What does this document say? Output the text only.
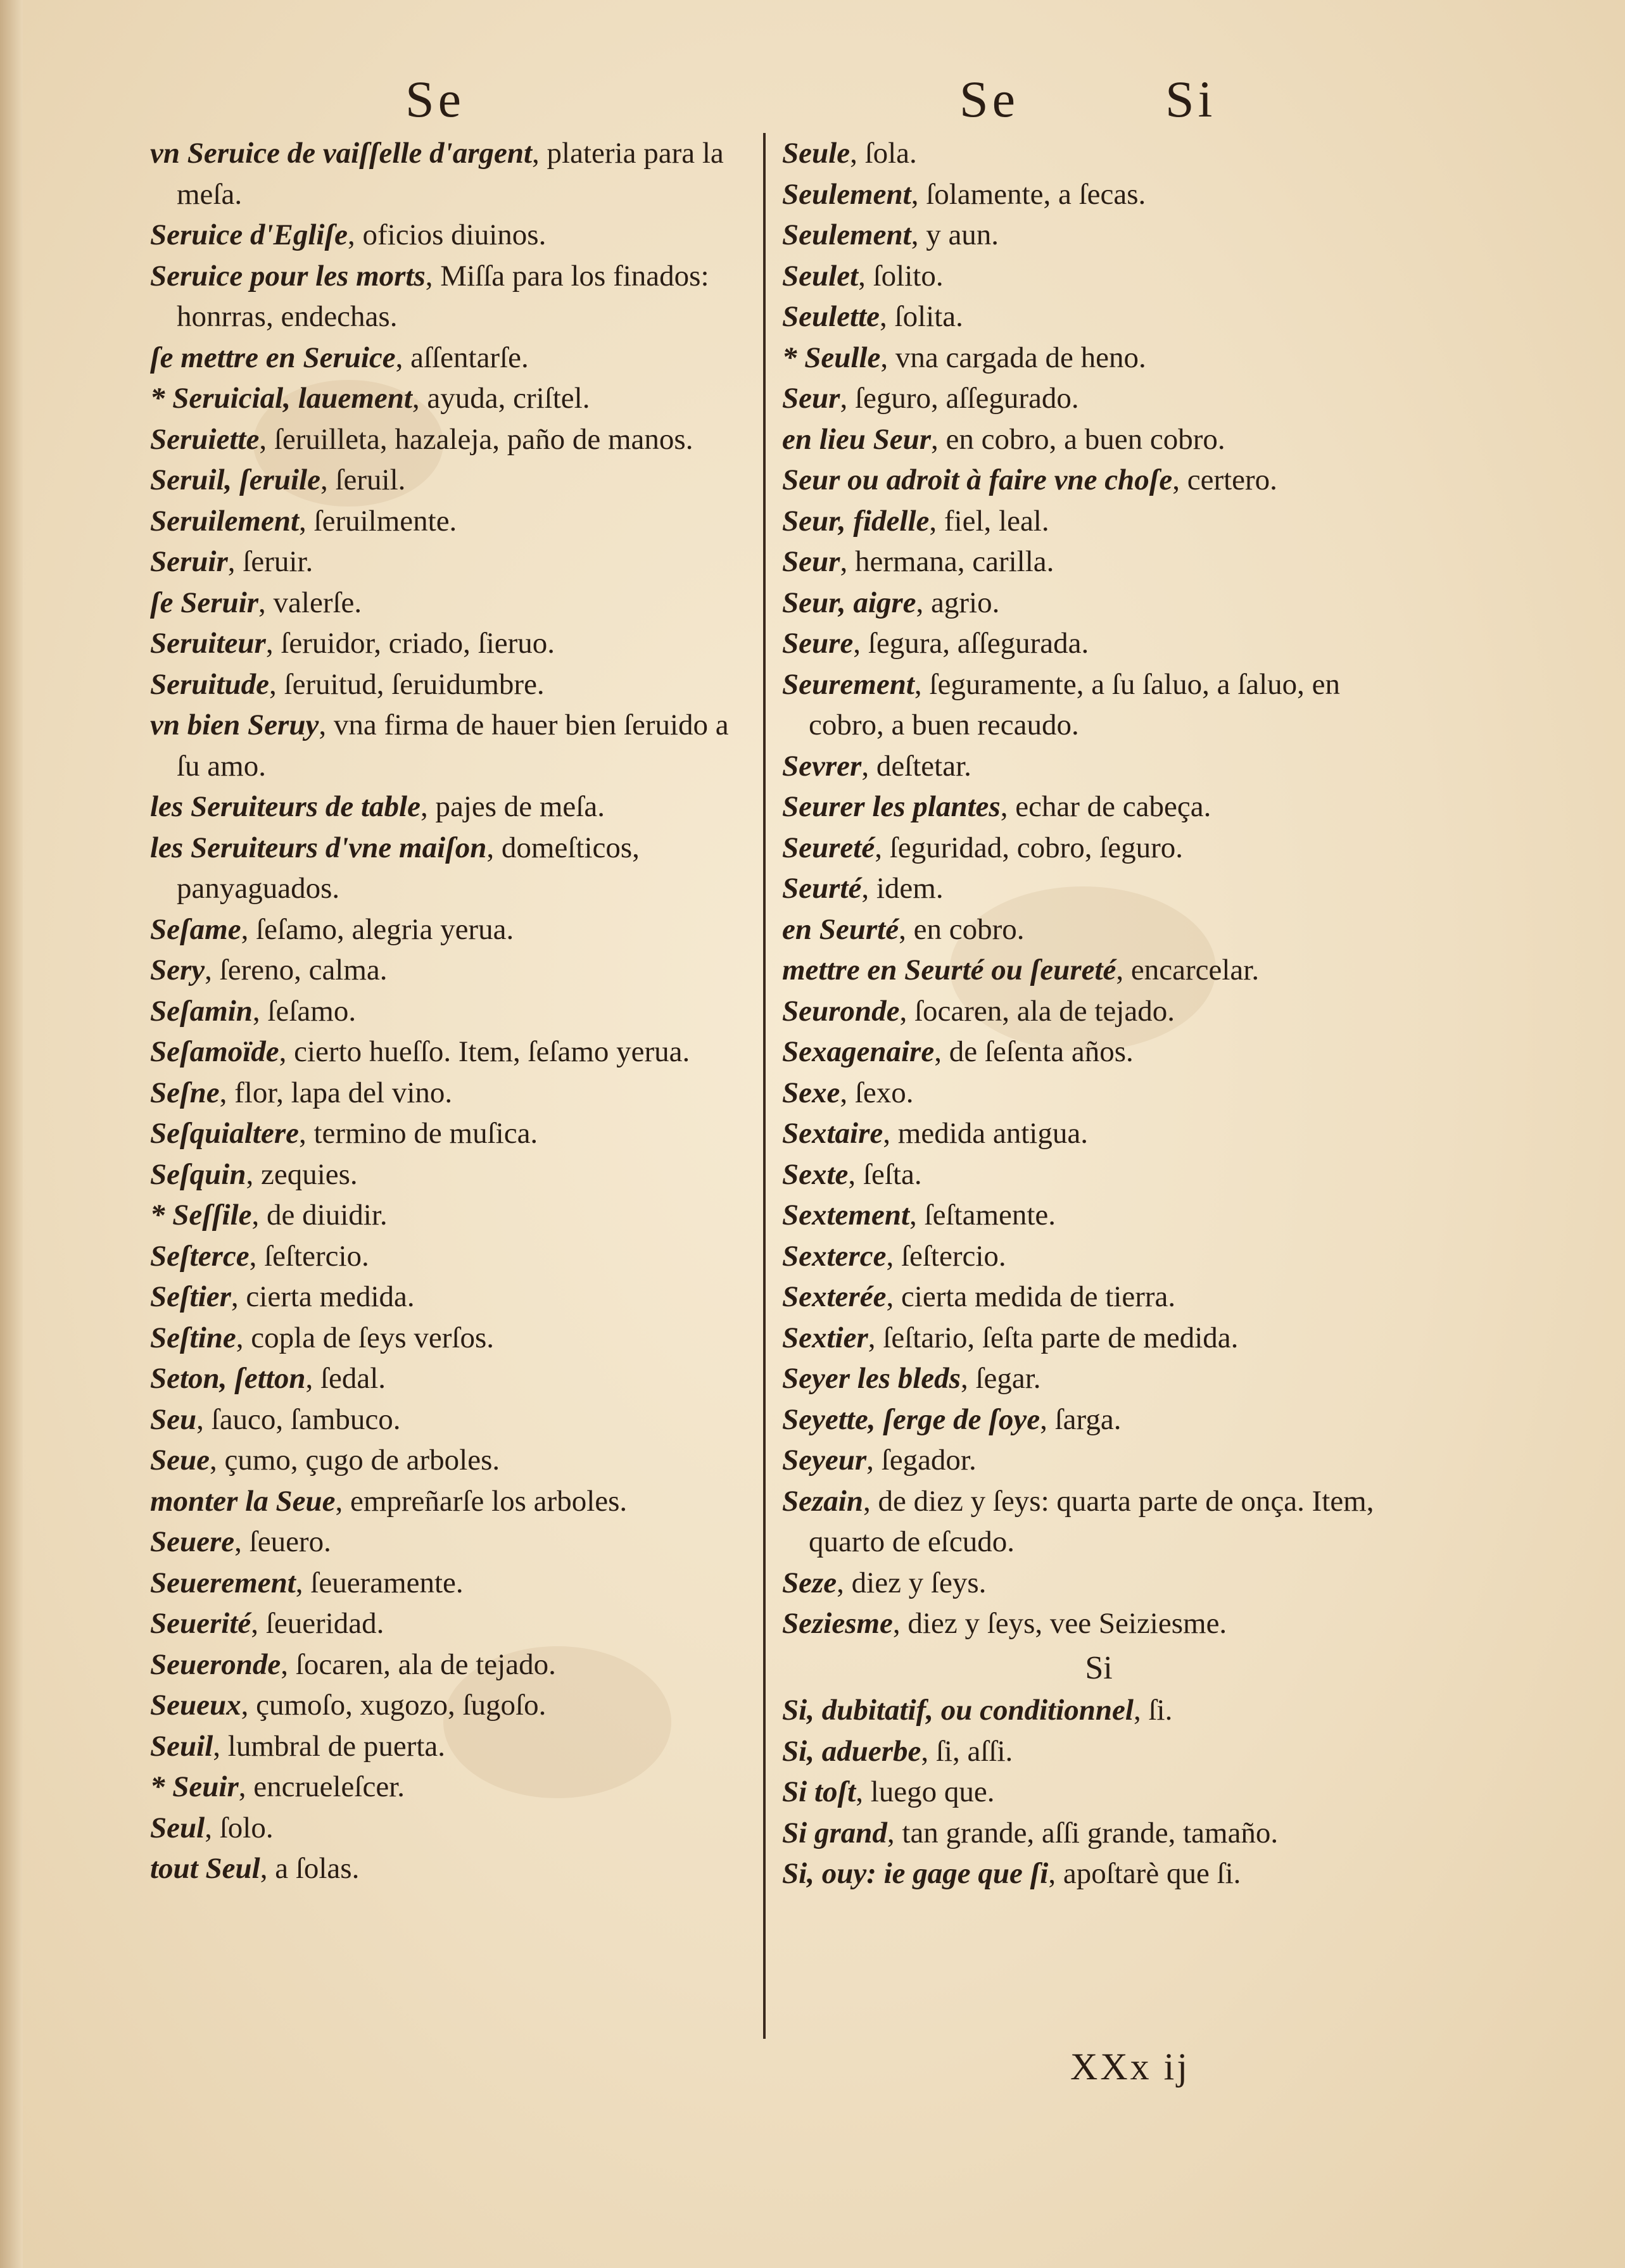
Se	Se	Si
vn Seruice de vaiſſelle d'argent, plateria para la meſa.
Seruice d'Egliſe, oficios diuinos.
Seruice pour les morts, Miſſa para los finados: honrras, endechas.
ſe mettre en Seruice, aſſentarſe.
* Seruicial, lauement, ayuda, criſtel.
Seruiette, ſeruilleta, hazaleja, paño de manos.
Seruil, ſeruile, ſeruil.
Seruilement, ſeruilmente.
Seruir, ſeruir.
ſe Seruir, valerſe.
Seruiteur, ſeruidor, criado, ſieruo.
Seruitude, ſeruitud, ſeruidumbre.
vn bien Seruy, vna firma de hauer bien ſeruido a ſu amo.
les Seruiteurs de table, pajes de meſa.
les Seruiteurs d'vne maiſon, domeſticos, panyaguados.
Seſame, ſeſamo, alegria yerua.
Sery, ſereno, calma.
Seſamin, ſeſamo.
Seſamoïde, cierto hueſſo. Item, ſeſamo yerua.
Seſne, flor, lapa del vino.
Seſquialtere, termino de muſica.
Seſquin, zequies.
* Seſſile, de diuidir.
Seſterce, ſeſtercio.
Seſtier, cierta medida.
Seſtine, copla de ſeys verſos.
Seton, ſetton, ſedal.
Seu, ſauco, ſambuco.
Seue, çumo, çugo de arboles.
monter la Seue, empreñarſe los arboles.
Seuere, ſeuero.
Seuerement, ſeueramente.
Seuerité, ſeueridad.
Seueronde, ſocaren, ala de tejado.
Seueux, çumoſo, xugozo, ſugoſo.
Seuil, lumbral de puerta.
* Seuir, encrueleſcer.
Seul, ſolo.
tout Seul, a ſolas.
Seule, ſola.
Seulement, ſolamente, a ſecas.
Seulement, y aun.
Seulet, ſolito.
Seulette, ſolita.
* Seulle, vna cargada de heno.
Seur, ſeguro, aſſegurado.
en lieu Seur, en cobro, a buen cobro.
Seur ou adroit à faire vne choſe, certero.
Seur, fidelle, fiel, leal.
Seur, hermana, carilla.
Seur, aigre, agrio.
Seure, ſegura, aſſegurada.
Seurement, ſeguramente, a ſu ſaluo, a ſaluo, en cobro, a buen recaudo.
Sevrer, deſtetar.
Seurer les plantes, echar de cabeça.
Seureté, ſeguridad, cobro, ſeguro.
Seurté, idem.
en Seurté, en cobro.
mettre en Seurté ou ſeureté, encarcelar.
Seuronde, ſocaren, ala de tejado.
Sexagenaire, de ſeſenta años.
Sexe, ſexo.
Sextaire, medida antigua.
Sexte, ſeſta.
Sextement, ſeſtamente.
Sexterce, ſeſtercio.
Sexterée, cierta medida de tierra.
Sextier, ſeſtario, ſeſta parte de medida.
Seyer les bleds, ſegar.
Seyette, ſerge de ſoye, ſarga.
Seyeur, ſegador.
Sezain, de diez y ſeys: quarta parte de onça. Item, quarto de eſcudo.
Seze, diez y ſeys.
Seziesme, diez y ſeys, vee Seiziesme.
Si
Si, dubitatif, ou conditionnel, ſi.
Si, aduerbe, ſi, aſſi.
Si toſt, luego que.
Si grand, tan grande, aſſi grande, tamaño.
Si, ouy: ie gage que ſi, apoſtarè que ſi.
XXx ij
